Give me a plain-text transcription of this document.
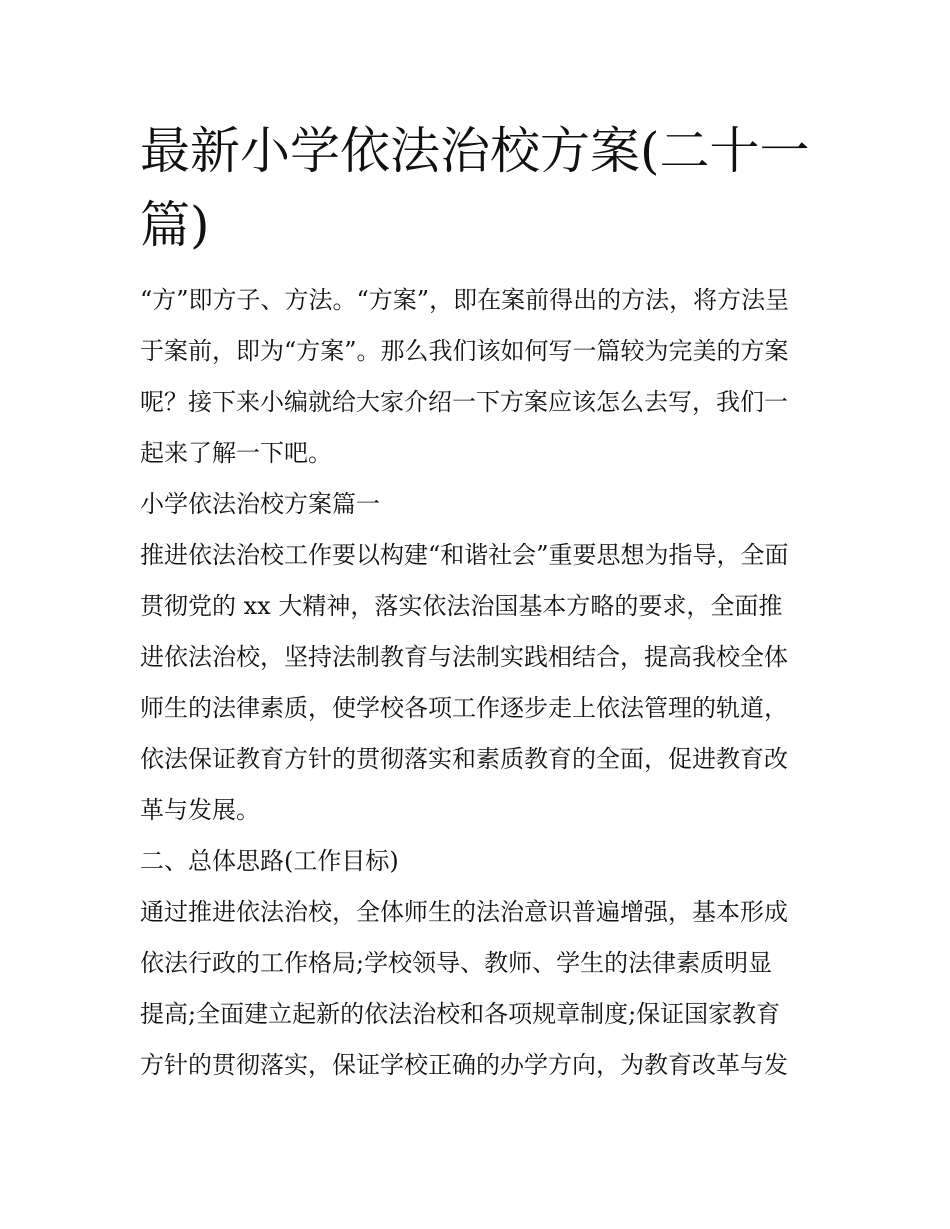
最新小学依法治校方案(二十一
篇)

“方”即方子、方法。“方案”，即在案前得出的方法，将方法呈
于案前，即为“方案”。那么我们该如何写一篇较为完美的方案
呢？接下来小编就给大家介绍一下方案应该怎么去写，我们一
起来了解一下吧。

小学依法治校方案篇一

推进依法治校工作要以构建“和谐社会”重要思想为指导，全面
贯彻党的 xx 大精神，落实依法治国基本方略的要求，全面推
进依法治校，坚持法制教育与法制实践相结合，提高我校全体
师生的法律素质，使学校各项工作逐步走上依法管理的轨道，
依法保证教育方针的贯彻落实和素质教育的全面，促进教育改
革与发展。

二、总体思路(工作目标)

通过推进依法治校，全体师生的法治意识普遍增强，基本形成
依法行政的工作格局;学校领导、教师、学生的法律素质明显
提高;全面建立起新的依法治校和各项规章制度;保证国家教育
方针的贯彻落实，保证学校正确的办学方向，为教育改革与发
